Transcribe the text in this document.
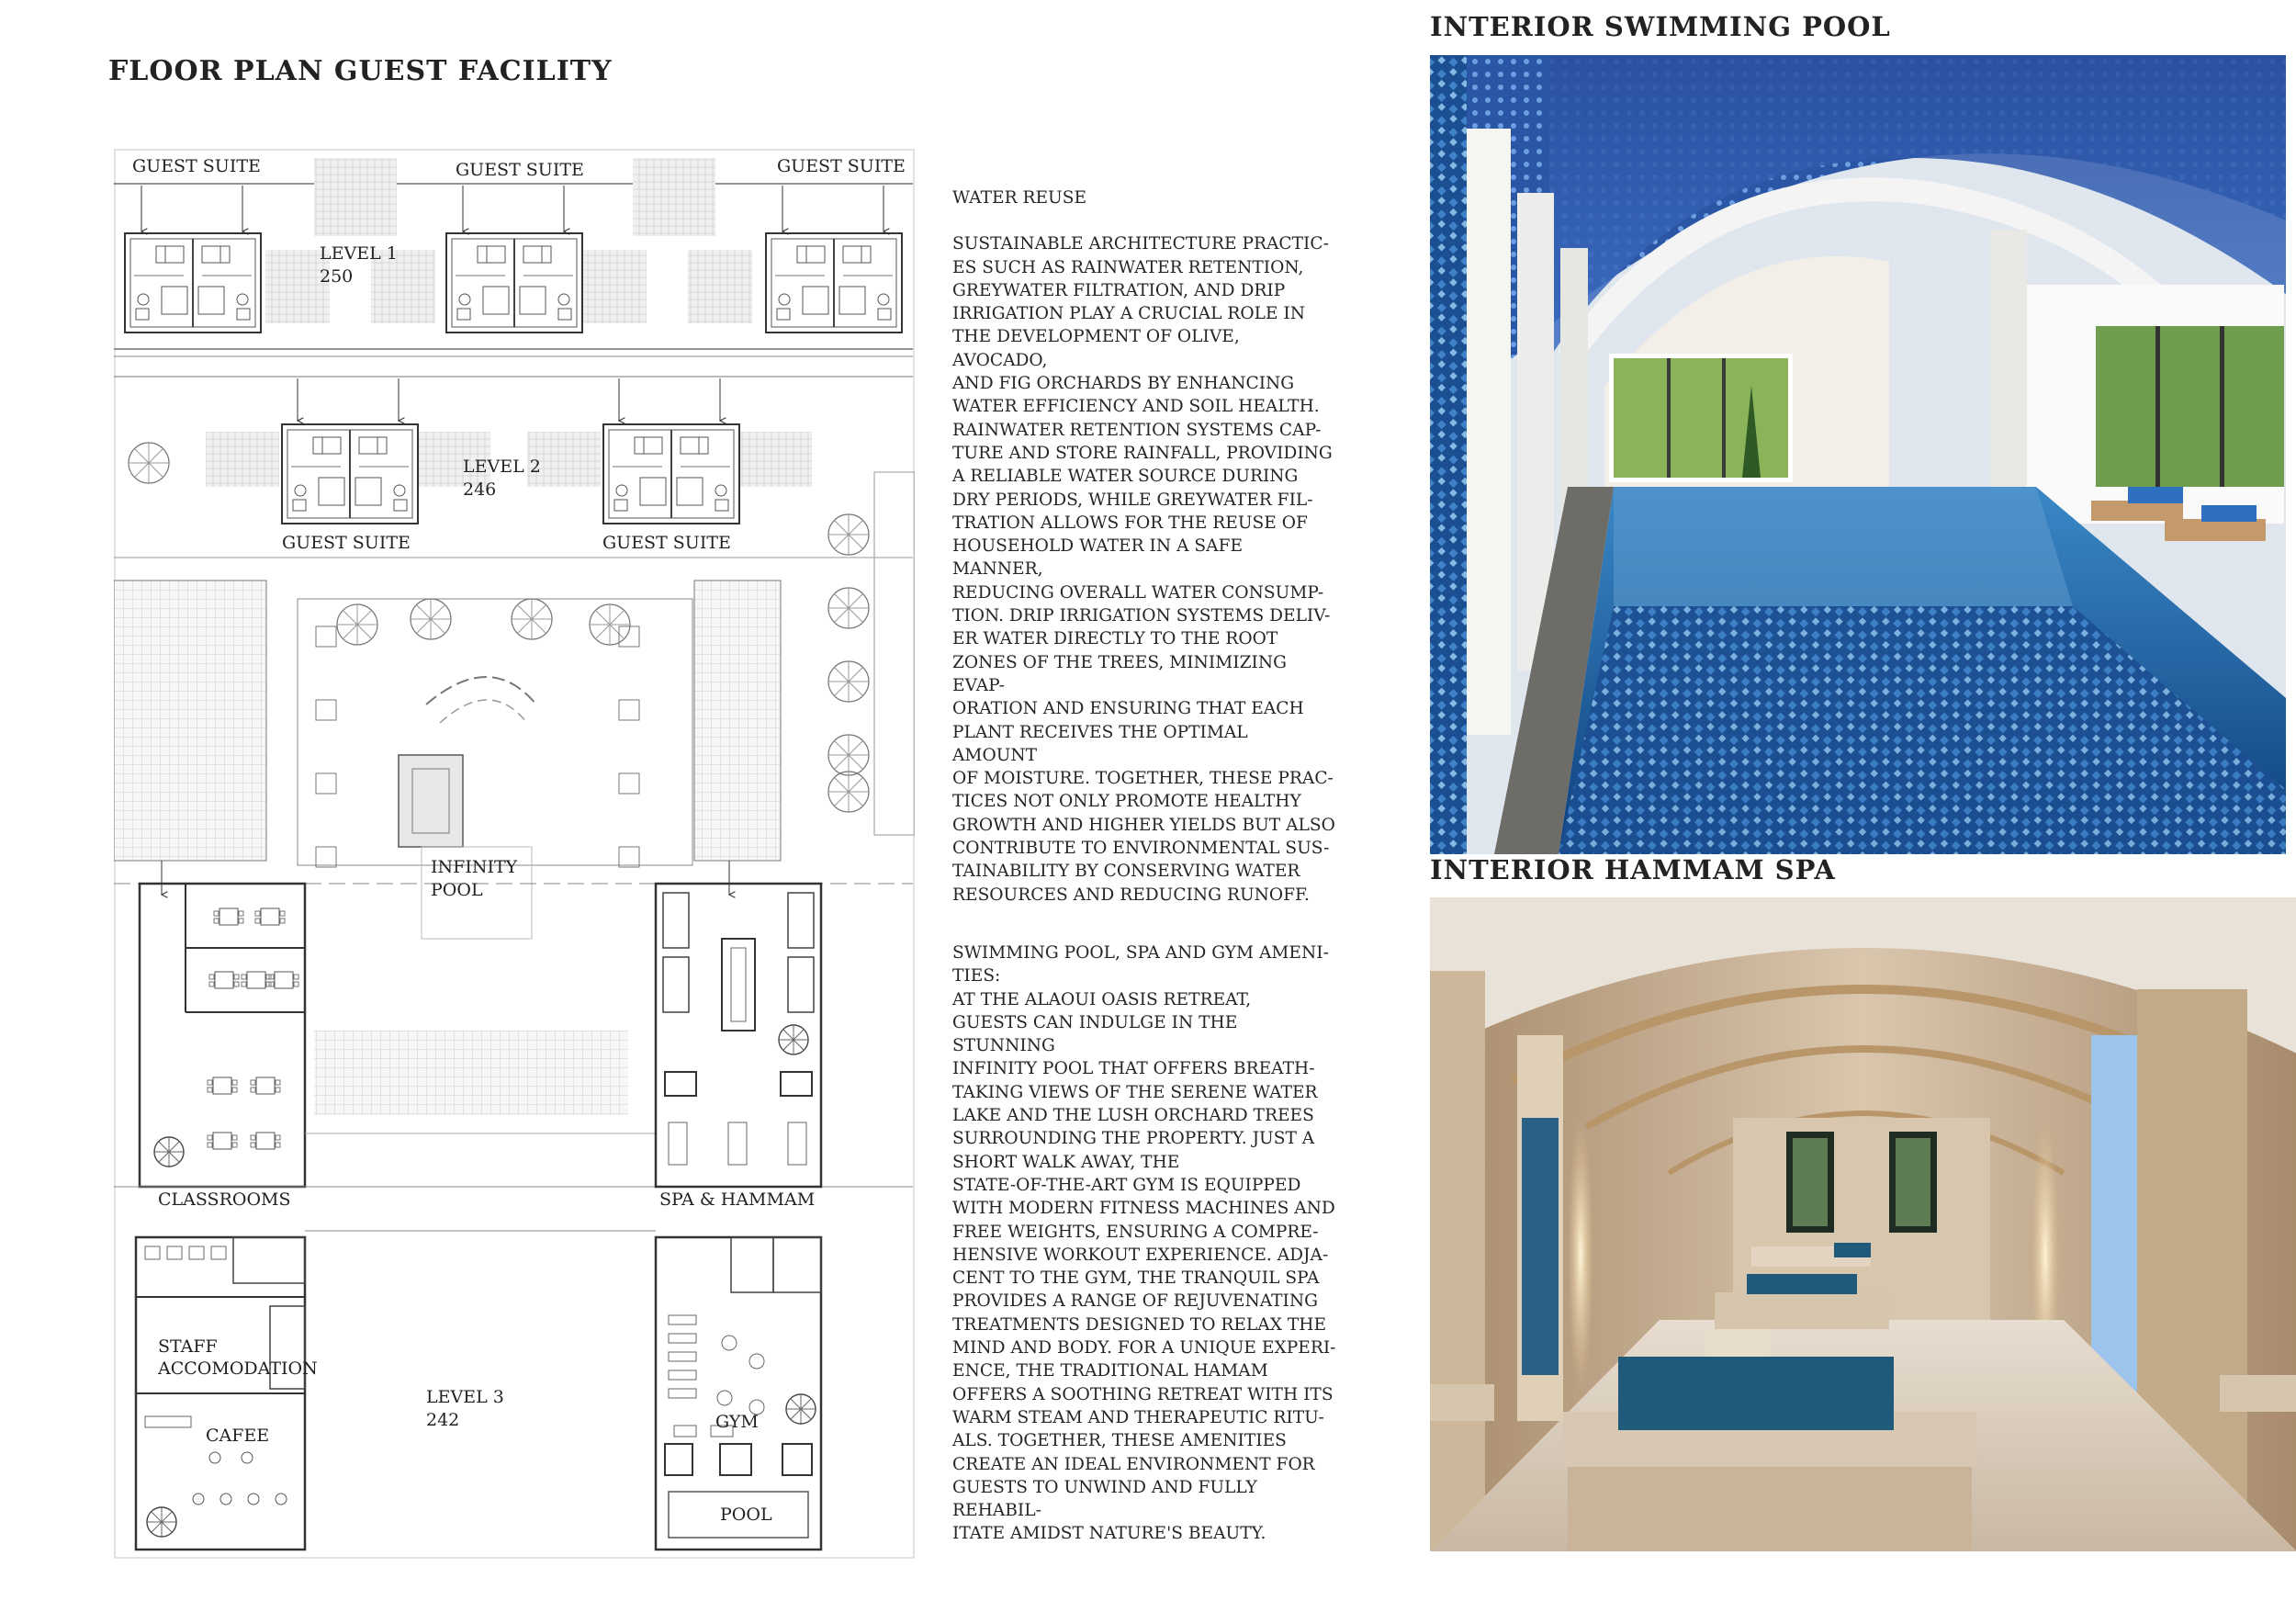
FLOOR PLAN GUEST FACILITY
INTERIOR SWIMMING POOL
INTERIOR HAMMAM SPA
GUEST SUITE	GUEST SUITE	GUEST SUITE
LEVEL 1
250
GUEST SUITE	GUEST SUITE
LEVEL 2
246
INFINITY
POOL
CLASSROOMS	SPA & HAMMAM
STAFF
ACCOMODATION
CAFEE
LEVEL 3
242	GYM
POOL

WATER REUSE

SUSTAINABLE ARCHITECTURE PRACTIC-

ES SUCH AS RAINWATER RETENTION,

GREYWATER FILTRATION, AND DRIP

IRRIGATION PLAY A CRUCIAL ROLE IN

THE DEVELOPMENT OF OLIVE, AVOCADO,

AND FIG ORCHARDS BY ENHANCING

WATER EFFICIENCY AND SOIL HEALTH.

RAINWATER RETENTION SYSTEMS CAP-

TURE AND STORE RAINFALL, PROVIDING

A RELIABLE WATER SOURCE DURING

DRY PERIODS, WHILE GREYWATER FIL-

TRATION ALLOWS FOR THE REUSE OF

HOUSEHOLD WATER IN A SAFE MANNER,

REDUCING OVERALL WATER CONSUMP-

TION. DRIP IRRIGATION SYSTEMS DELIV-

ER WATER DIRECTLY TO THE ROOT

ZONES OF THE TREES, MINIMIZING EVAP-

ORATION AND ENSURING THAT EACH

PLANT RECEIVES THE OPTIMAL AMOUNT

OF MOISTURE. TOGETHER, THESE PRAC-

TICES NOT ONLY PROMOTE HEALTHY

GROWTH AND HIGHER YIELDS BUT ALSO

CONTRIBUTE TO ENVIRONMENTAL SUS-

TAINABILITY BY CONSERVING WATER

RESOURCES AND REDUCING RUNOFF.

SWIMMING POOL, SPA AND GYM AMENI-

TIES:

AT THE ALAOUI OASIS RETREAT,

GUESTS CAN INDULGE IN THE STUNNING

INFINITY POOL THAT OFFERS BREATH-

TAKING VIEWS OF THE SERENE WATER

LAKE AND THE LUSH ORCHARD TREES

SURROUNDING THE PROPERTY. JUST A

SHORT WALK AWAY, THE

STATE-OF-THE-ART GYM IS EQUIPPED

WITH MODERN FITNESS MACHINES AND

FREE WEIGHTS, ENSURING A COMPRE-

HENSIVE WORKOUT EXPERIENCE. ADJA-

CENT TO THE GYM, THE TRANQUIL SPA

PROVIDES A RANGE OF REJUVENATING

TREATMENTS DESIGNED TO RELAX THE

MIND AND BODY. FOR A UNIQUE EXPERI-

ENCE, THE TRADITIONAL HAMAM

OFFERS A SOOTHING RETREAT WITH ITS

WARM STEAM AND THERAPEUTIC RITU-

ALS. TOGETHER, THESE AMENITIES

CREATE AN IDEAL ENVIRONMENT FOR

GUESTS TO UNWIND AND FULLY REHABIL-

ITATE AMIDST NATURE'S BEAUTY.
